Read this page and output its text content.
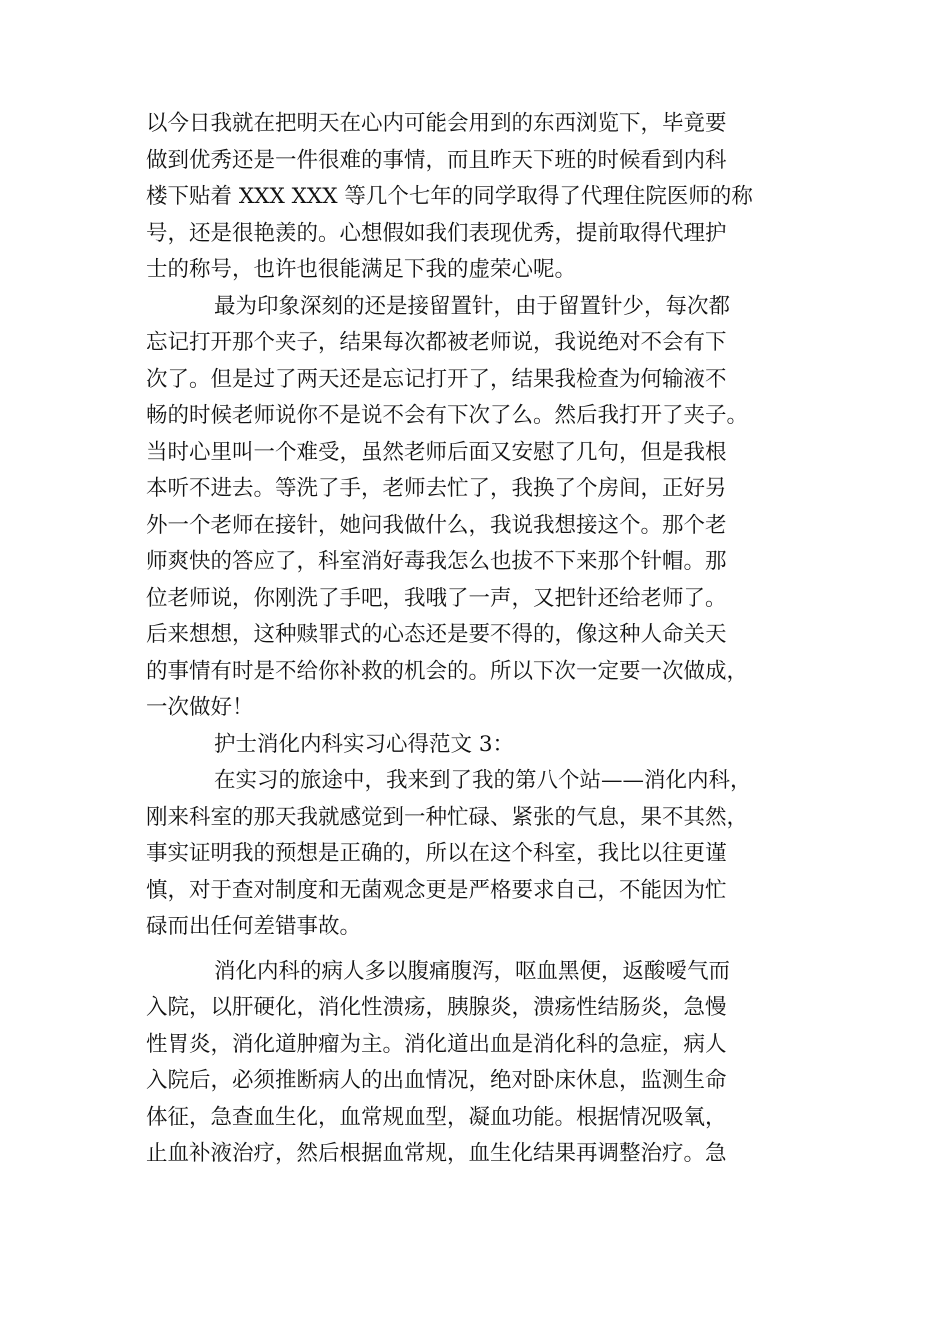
以今日我就在把明天在心内可能会用到的东西浏览下，毕竟要
做到优秀还是一件很难的事情，而且昨天下班的时候看到内科
楼下贴着 XXX XXX 等几个七年的同学取得了代理住院医师的称
号，还是很艳羡的。心想假如我们表现优秀，提前取得代理护
士的称号，也许也很能满足下我的虚荣心呢。
最为印象深刻的还是接留置针，由于留置针少，每次都
忘记打开那个夹子，结果每次都被老师说，我说绝对不会有下
次了。但是过了两天还是忘记打开了，结果我检查为何输液不
畅的时候老师说你不是说不会有下次了么。然后我打开了夹子。
当时心里叫一个难受，虽然老师后面又安慰了几句，但是我根
本听不进去。等洗了手，老师去忙了，我换了个房间，正好另
外一个老师在接针，她问我做什么，我说我想接这个。那个老
师爽快的答应了，科室消好毒我怎么也拔不下来那个针帽。那
位老师说，你刚洗了手吧，我哦了一声，又把针还给老师了。
后来想想，这种赎罪式的心态还是要不得的，像这种人命关天
的事情有时是不给你补救的机会的。所以下次一定要一次做成，
一次做好！
护士消化内科实习心得范文 3：
在实习的旅途中，我来到了我的第八个站——消化内科，
刚来科室的那天我就感觉到一种忙碌、紧张的气息，果不其然，
事实证明我的预想是正确的，所以在这个科室，我比以往更谨
慎，对于查对制度和无菌观念更是严格要求自己，不能因为忙
碌而出任何差错事故。
消化内科的病人多以腹痛腹泻，呕血黑便，返酸嗳气而
入院，以肝硬化，消化性溃疡，胰腺炎，溃疡性结肠炎，急慢
性胃炎，消化道肿瘤为主。消化道出血是消化科的急症，病人
入院后，必须推断病人的出血情况，绝对卧床休息，监测生命
体征，急查血生化，血常规血型，凝血功能。根据情况吸氧，
止血补液治疗，然后根据血常规，血生化结果再调整治疗。急
